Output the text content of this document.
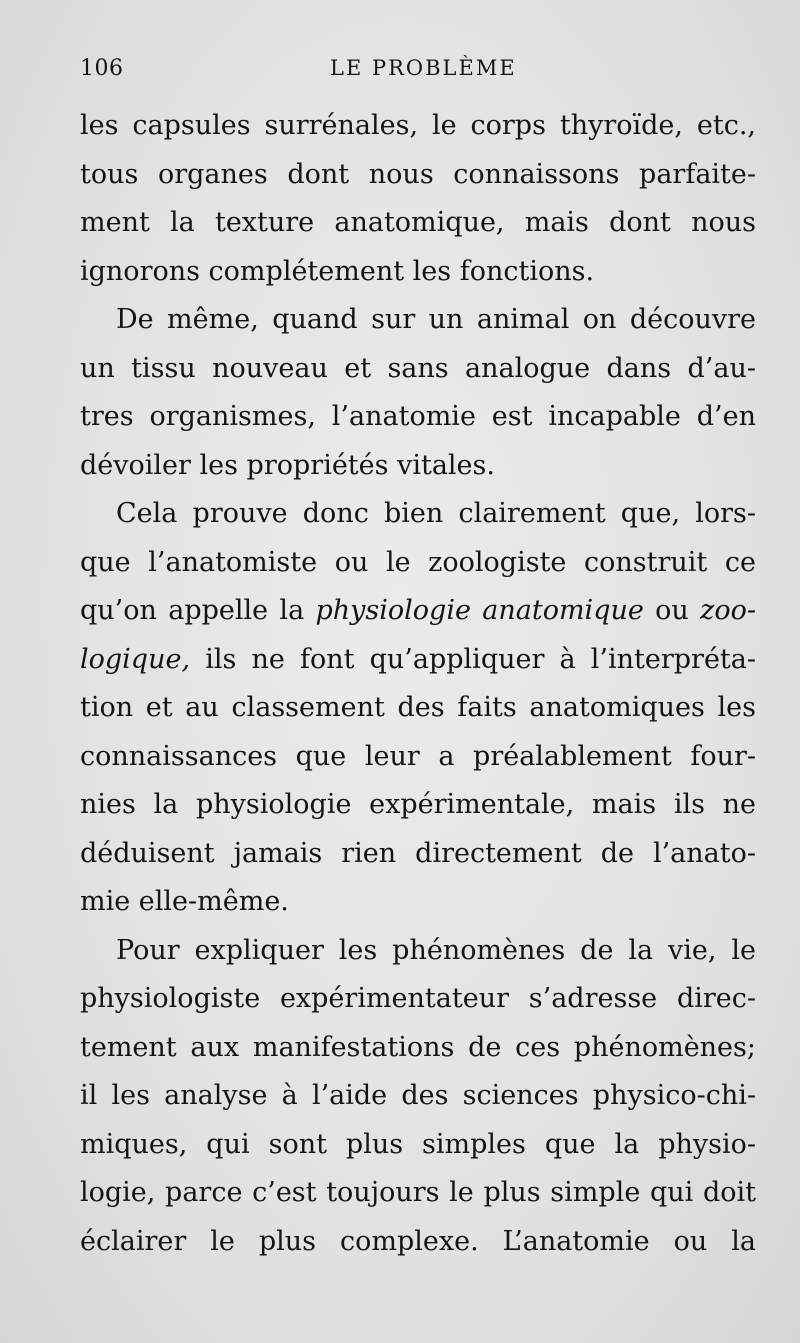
106	LE PROBLÈME
les capsules surrénales, le corps thyroïde, etc.,
tous organes dont nous connaissons parfaite-
ment la texture anatomique, mais dont nous
ignorons complétement les fonctions.
De même, quand sur un animal on découvre
un tissu nouveau et sans analogue dans d’au-
tres organismes, l’anatomie est incapable d’en
dévoiler les propriétés vitales.
Cela prouve donc bien clairement que, lors-
que l’anatomiste ou le zoologiste construit ce
qu’on appelle la physiologie anatomique ou zoo-
logique, ils ne font qu’appliquer à l’interpréta-
tion et au classement des faits anatomiques les
connaissances que leur a préalablement four-
nies la physiologie expérimentale, mais ils ne
déduisent jamais rien directement de l’anato-
mie elle-même.
Pour expliquer les phénomènes de la vie, le
physiologiste expérimentateur s’adresse direc-
tement aux manifestations de ces phénomènes;
il les analyse à l’aide des sciences physico-chi-
miques, qui sont plus simples que la physio-
logie, parce c’est toujours le plus simple qui doit
éclairer le plus complexe. L’anatomie ou la
